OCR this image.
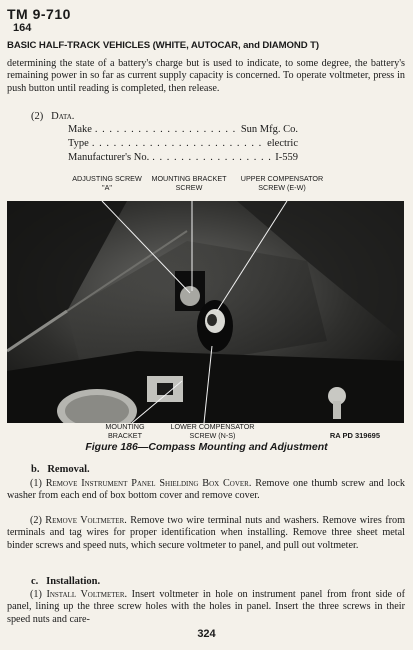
TM 9-710
164
BASIC HALF-TRACK VEHICLES (WHITE, AUTOCAR, and DIAMOND T)
determining the state of a battery's charge but is used to indicate, to some degree, the battery's remaining power in so far as current supply capacity is concerned. To operate voltmeter, press in push button until reading is completed, then release.
(2) Data.
Make . . .	Sun Mfg. Co.
Type . . .	electric
Manufacturer's No. . . .	I-559
ADJUSTING SCREW "A"
MOUNTING BRACKET SCREW
UPPER COMPENSATOR SCREW (E-W)
MOUNTING BRACKET
LOWER COMPENSATOR SCREW (N-S)	RA PD 319695
Figure 186—Compass Mounting and Adjustment
b. Removal.
(1) Remove Instrument Panel Shielding Box Cover. Remove one thumb screw and lock washer from each end of box bottom cover and remove cover.
(2) Remove Voltmeter. Remove two wire terminal nuts and washers. Remove wires from terminals and tag wires for proper identification when installing. Remove three sheet metal binder screws and speed nuts, which secure voltmeter to panel, and pull out voltmeter.
c. Installation.
(1) Install Voltmeter. Insert voltmeter in hole on instrument panel from front side of panel, lining up the three screw holes with the holes in panel. Insert the three screws in their speed nuts and care-
324
